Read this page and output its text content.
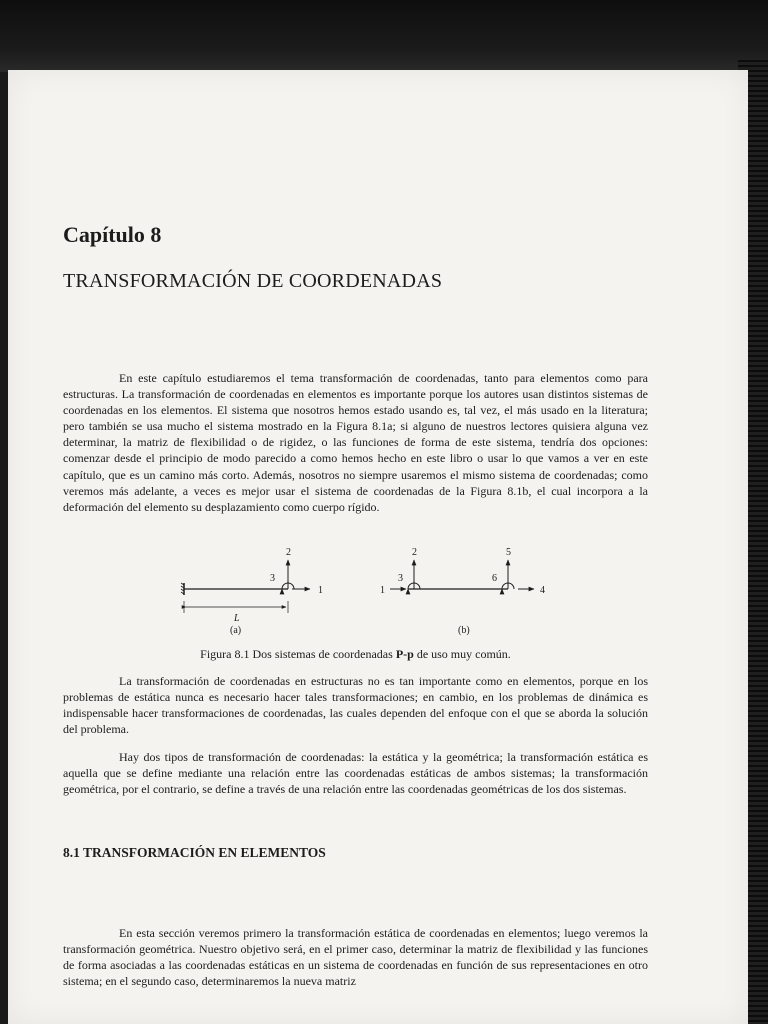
Capítulo 8
TRANSFORMACIÓN DE COORDENADAS

En este capítulo estudiaremos el tema transformación de coordenadas, tanto para elementos como para estructuras. La transformación de coordenadas en elementos es importante porque los autores usan distintos sistemas de coordenadas en los elementos. El sistema que nosotros hemos estado usando es, tal vez, el más usado en la literatura; pero también se usa mucho el sistema mostrado en la Figura 8.1a; si alguno de nuestros lectores quisiera alguna vez determinar, la matriz de flexibilidad o de rigidez, o las funciones de forma de este sistema, tendría dos opciones: comenzar desde el principio de modo parecido a como hemos hecho en este libro o usar lo que vamos a ver en este capítulo, que es un camino más corto. Además, nosotros no siempre usaremos el mismo sistema de coordenadas; como veremos más adelante, a veces es mejor usar el sistema de coordenadas de la Figura 8.1b, el cual incorpora a la deformación del elemento su desplazamiento como cuerpo rígido.

2
3
1
L
(a)
1
2
3
4
5
6
(b)

Figura 8.1 Dos sistemas de coordenadas P-p de uso muy común.

La transformación de coordenadas en estructuras no es tan importante como en elementos, porque en los problemas de estática nunca es necesario hacer tales transformaciones; en cambio, en los problemas de dinámica es indispensable hacer transformaciones de coordenadas, las cuales dependen del enfoque con el que se aborda la solución del problema.

Hay dos tipos de transformación de coordenadas: la estática y la geométrica; la transformación estática es aquella que se define mediante una relación entre las coordenadas estáticas de ambos sistemas; la transformación geométrica, por el contrario, se define a través de una relación entre las coordenadas geométricas de los dos sistemas.

8.1 TRANSFORMACIÓN EN ELEMENTOS

En esta sección veremos primero la transformación estática de coordenadas en elementos; luego veremos la transformación geométrica. Nuestro objetivo será, en el primer caso, determinar la matriz de flexibilidad y las funciones de forma asociadas a las coordenadas estáticas en un sistema de coordenadas en función de sus representaciones en otro sistema; en el segundo caso, determinaremos la nueva matriz
